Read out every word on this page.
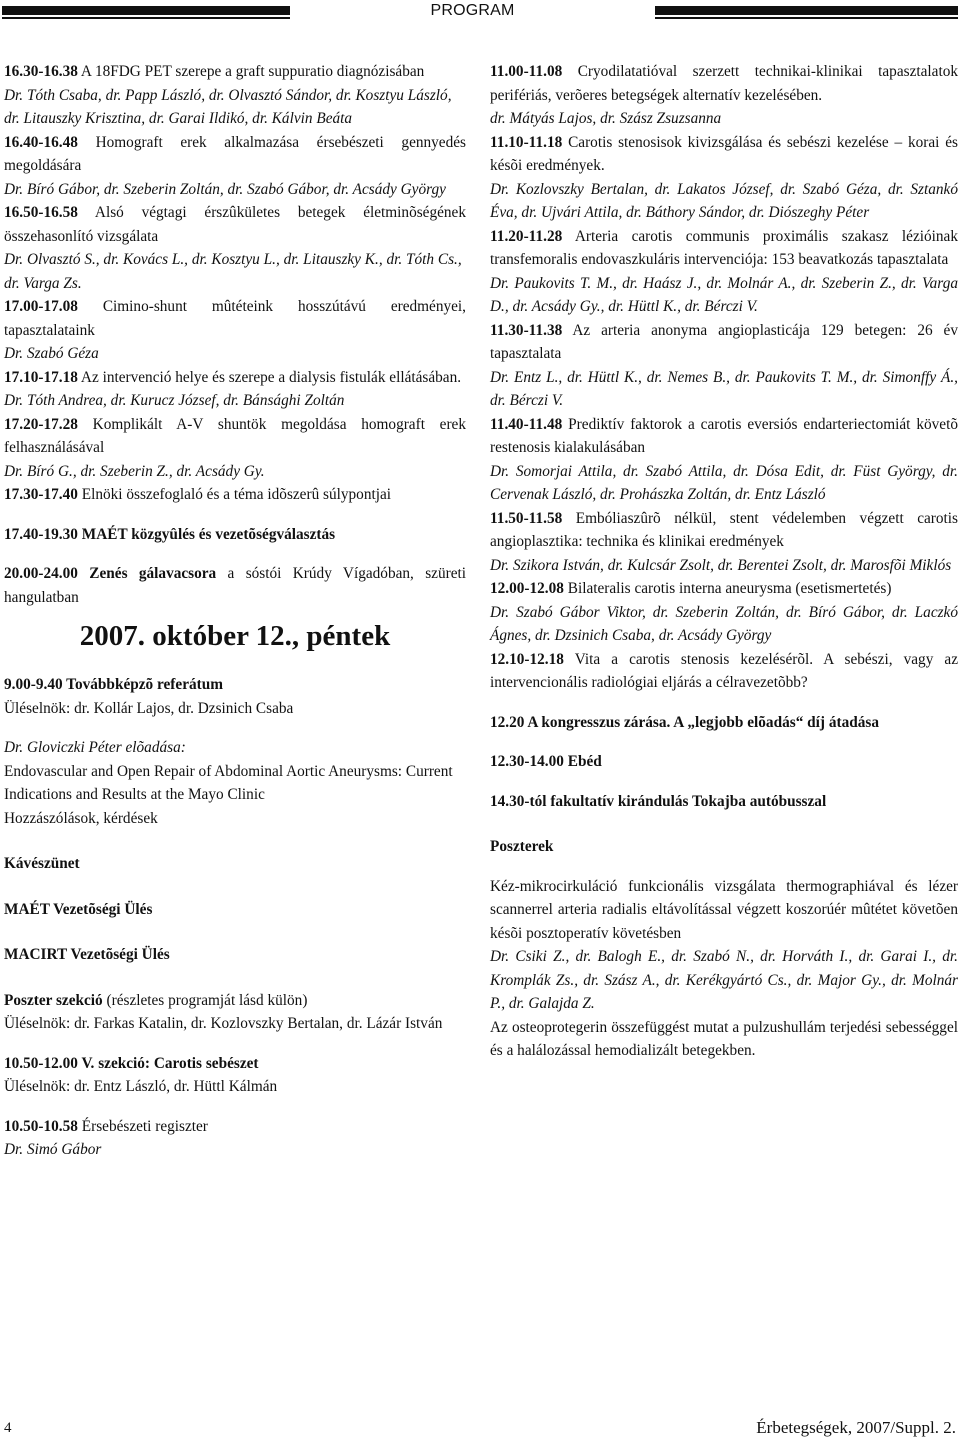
PROGRAM

16.30-16.38 A 18FDG PET szerepe a graft suppuratio diagnózisában

Dr. Tóth Csaba, dr. Papp László, dr. Olvasztó Sándor, dr. Kosztyu László, dr. Litauszky Krisztina, dr. Garai Ildikó, dr. Kálvin Beáta

16.40-16.48 Homograft erek alkalmazása érsebészeti gennyedés megoldására

Dr. Bíró Gábor, dr. Szeberin Zoltán, dr. Szabó Gábor, dr. Acsády György

16.50-16.58 Alsó végtagi érszûkületes betegek életminõségének összehasonlító vizsgálata

Dr. Olvasztó S., dr. Kovács L., dr. Kosztyu L., dr. Litauszky K., dr. Tóth Cs., dr. Varga Zs.

17.00-17.08 Cimino-shunt mûtéteink hosszútávú eredményei, tapasztalataink

Dr. Szabó Géza

17.10-17.18 Az intervenció helye és szerepe a dialysis fistulák ellátásában.

Dr. Tóth Andrea, dr. Kurucz József, dr. Bánsághi Zoltán

17.20-17.28 Komplikált A-V shuntök megoldása homograft erek felhasználásával

Dr. Bíró G., dr. Szeberin Z., dr. Acsády Gy.

17.30-17.40 Elnöki összefoglaló és a téma idõszerû súlypontjai

17.40-19.30 MAÉT közgyûlés és vezetõségválasztás

20.00-24.00 Zenés gálavacsora a sóstói Krúdy Vígadóban, szüreti hangulatban

2007. október 12., péntek

9.00-9.40 Továbbképzõ referátum

Üléselnök: dr. Kollár Lajos, dr. Dzsinich Csaba

Dr. Gloviczki Péter elõadása:

Endovascular and Open Repair of Abdominal Aortic Aneurysms: Current Indications and Results at the Mayo Clinic

Hozzászólások, kérdések

Kávészünet

MAÉT Vezetõségi Ülés

MACIRT Vezetõségi Ülés

Poszter szekció (részletes programját lásd külön)

Üléselnök: dr. Farkas Katalin, dr. Kozlovszky Bertalan, dr. Lázár István

10.50-12.00 V. szekció: Carotis sebészet

Üléselnök: dr. Entz László, dr. Hüttl Kálmán

10.50-10.58 Érsebészeti regiszter

Dr. Simó Gábor

11.00-11.08 Cryodilatatióval szerzett technikai-klinikai tapasztalatok perifériás, verõeres betegségek alternatív kezelésében.

dr. Mátyás Lajos, dr. Szász Zsuzsanna

11.10-11.18 Carotis stenosisok kivizsgálása és sebészi kezelése – korai és késõi eredmények.

Dr. Kozlovszky Bertalan, dr. Lakatos József, dr. Szabó Géza, dr. Sztankó Éva, dr. Ujvári Attila, dr. Báthory Sándor, dr. Diószeghy Péter

11.20-11.28 Arteria carotis communis proximális szakasz lézióinak transfemoralis endovaszkuláris intervenciója: 153 beavatkozás tapasztalata

Dr. Paukovits T. M., dr. Haász J., dr. Molnár A., dr. Szeberin Z., dr. Varga D., dr. Acsády Gy., dr. Hüttl K., dr. Bérczi V.

11.30-11.38 Az arteria anonyma angioplasticája 129 betegen: 26 év tapasztalata

Dr. Entz L., dr. Hüttl K., dr. Nemes B., dr. Paukovits T. M., dr. Simonffy Á., dr. Bérczi V.

11.40-11.48 Prediktív faktorok a carotis eversiós endarteriectomiát követõ restenosis kialakulásában

Dr. Somorjai Attila, dr. Szabó Attila, dr. Dósa Edit, dr. Füst György, dr. Cervenak László, dr. Prohászka Zoltán, dr. Entz László

11.50-11.58 Embóliaszûrõ nélkül, stent védelemben végzett carotis angioplasztika: technika és klinikai eredmények

Dr. Szikora István, dr. Kulcsár Zsolt, dr. Berentei Zsolt, dr. Marosfõi Miklós

12.00-12.08 Bilateralis carotis interna aneurysma (esetismertetés)

Dr. Szabó Gábor Viktor, dr. Szeberin Zoltán, dr. Bíró Gábor, dr. Laczkó Ágnes, dr. Dzsinich Csaba, dr. Acsády György

12.10-12.18 Vita a carotis stenosis kezelésérõl. A sebészi, vagy az intervencionális radiológiai eljárás a célravezetõbb?

12.20 A kongresszus zárása. A „legjobb elõadás“ díj átadása

12.30-14.00 Ebéd

14.30-tól fakultatív kirándulás Tokajba autóbusszal

Poszterek

Kéz-mikrocirkuláció funkcionális vizsgálata thermographiával és lézer scannerrel arteria radialis eltávolítással végzett koszorúér mûtétet követõen késõi posztoperatív követésben

Dr. Csiki Z., dr. Balogh E., dr. Szabó N., dr. Horváth I., dr. Garai I., dr. Kromplák Zs., dr. Szász A., dr. Kerékgyártó Cs., dr. Major Gy., dr. Molnár P., dr. Galajda Z.

Az osteoprotegerin összefüggést mutat a pulzushullám terjedési sebességgel és a halálozással hemodializált betegekben.

4	Érbetegségek, 2007/Suppl. 2.
